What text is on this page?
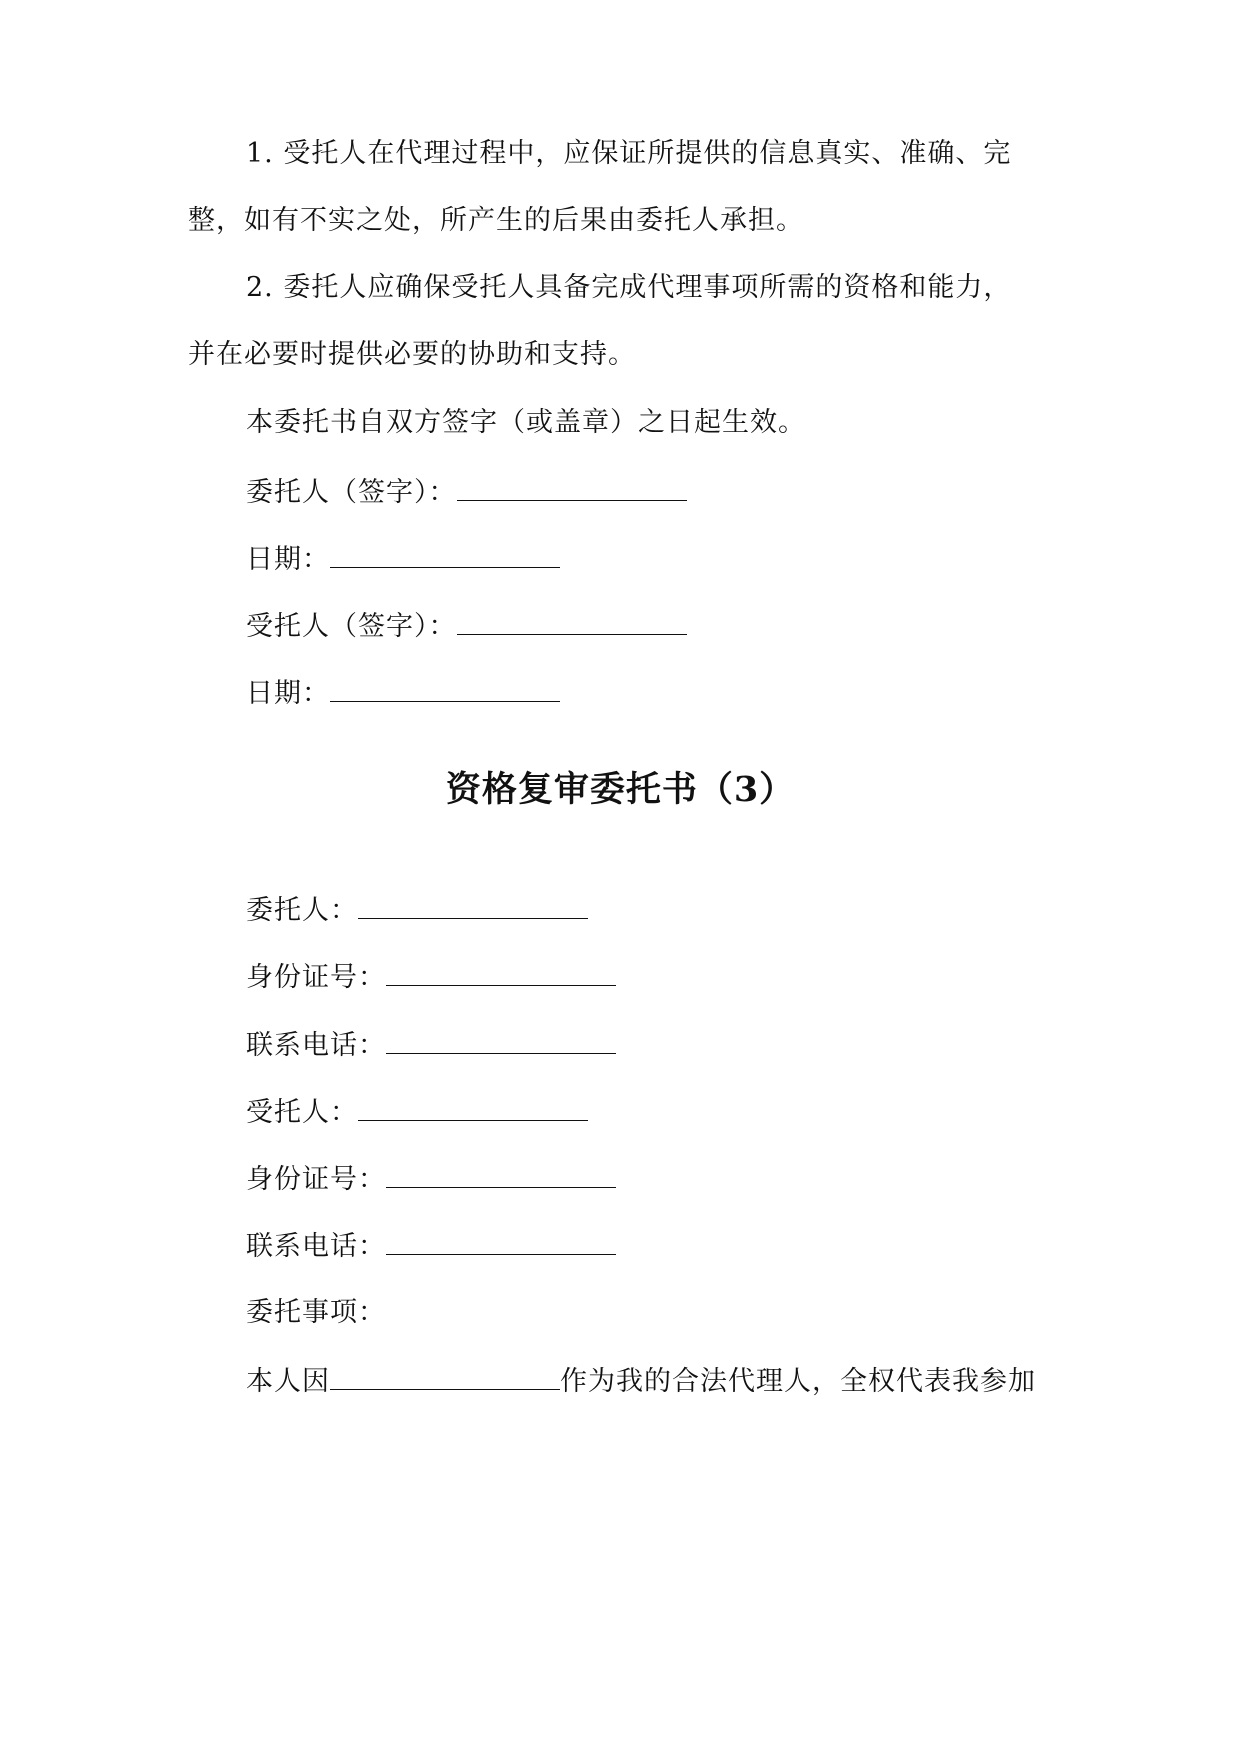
1. 受托人在代理过程中，应保证所提供的信息真实、准确、完
整，如有不实之处，所产生的后果由委托人承担。
2. 委托人应确保受托人具备完成代理事项所需的资格和能力，
并在必要时提供必要的协助和支持。
本委托书自双方签字（或盖章）之日起生效。
委托人（签字）：
日期：
受托人（签字）：
日期：
资格复审委托书（3）
委托人：
身份证号：
联系电话：
受托人：
身份证号：
联系电话：
委托事项：
本人因	作为我的合法代理人，全权代表我参加
